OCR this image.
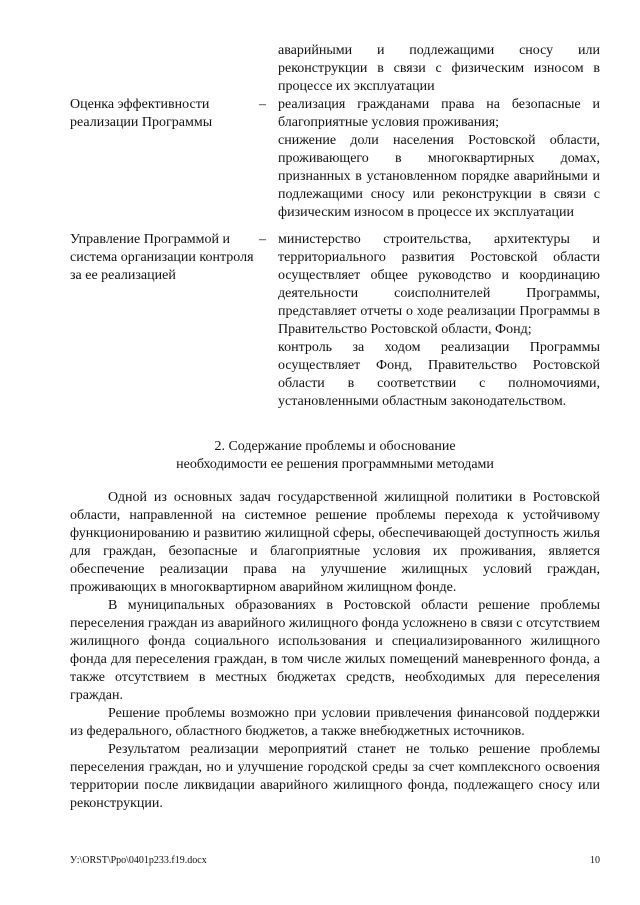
аварийными и подлежащими сносу или реконструкции в связи с физическим износом в процессе их эксплуатации

Оценка эффективности реализации Программы
– реализация гражданами права на безопасные и благоприятные условия проживания;

снижение доли населения Ростовской области, проживающего в многоквартирных домах, признанных в установленном порядке аварийными и подлежащими сносу или реконструкции в связи с физическим износом в процессе их эксплуатации

Управление Программой и система организации контроля за ее реализацией
– министерство строительства, архитектуры и территориального развития Ростовской области осуществляет общее руководство и координацию деятельности соисполнителей Программы, представляет отчеты о ходе реализации Программы в Правительство Ростовской области, Фонд;

контроль за ходом реализации Программы осуществляет Фонд, Правительство Ростовской области в соответствии с полномочиями, установленными областным законодательством.

2. Содержание проблемы и обоснование
необходимости ее решения программными методами

Одной из основных задач государственной жилищной политики в Ростовской области, направленной на системное решение проблемы перехода к устойчивому функционированию и развитию жилищной сферы, обеспечивающей доступность жилья для граждан, безопасные и благоприятные условия их проживания, является обеспечение реализации права на улучшение жилищных условий граждан, проживающих в многоквартирном аварийном жилищном фонде.

В муниципальных образованиях в Ростовской области решение проблемы переселения граждан из аварийного жилищного фонда усложнено в связи с отсутствием жилищного фонда социального использования и специализированного жилищного фонда для переселения граждан, в том числе жилых помещений маневренного фонда, а также отсутствием в местных бюджетах средств, необходимых для переселения граждан.

Решение проблемы возможно при условии привлечения финансовой поддержки из федерального, областного бюджетов, а также внебюджетных источников.

Результатом реализации мероприятий станет не только решение проблемы переселения граждан, но и улучшение городской среды за счет комплексного освоения территории после ликвидации аварийного жилищного фонда, подлежащего сносу или реконструкции.

У:\ORST\Ppo\0401p233.f19.docx	10
